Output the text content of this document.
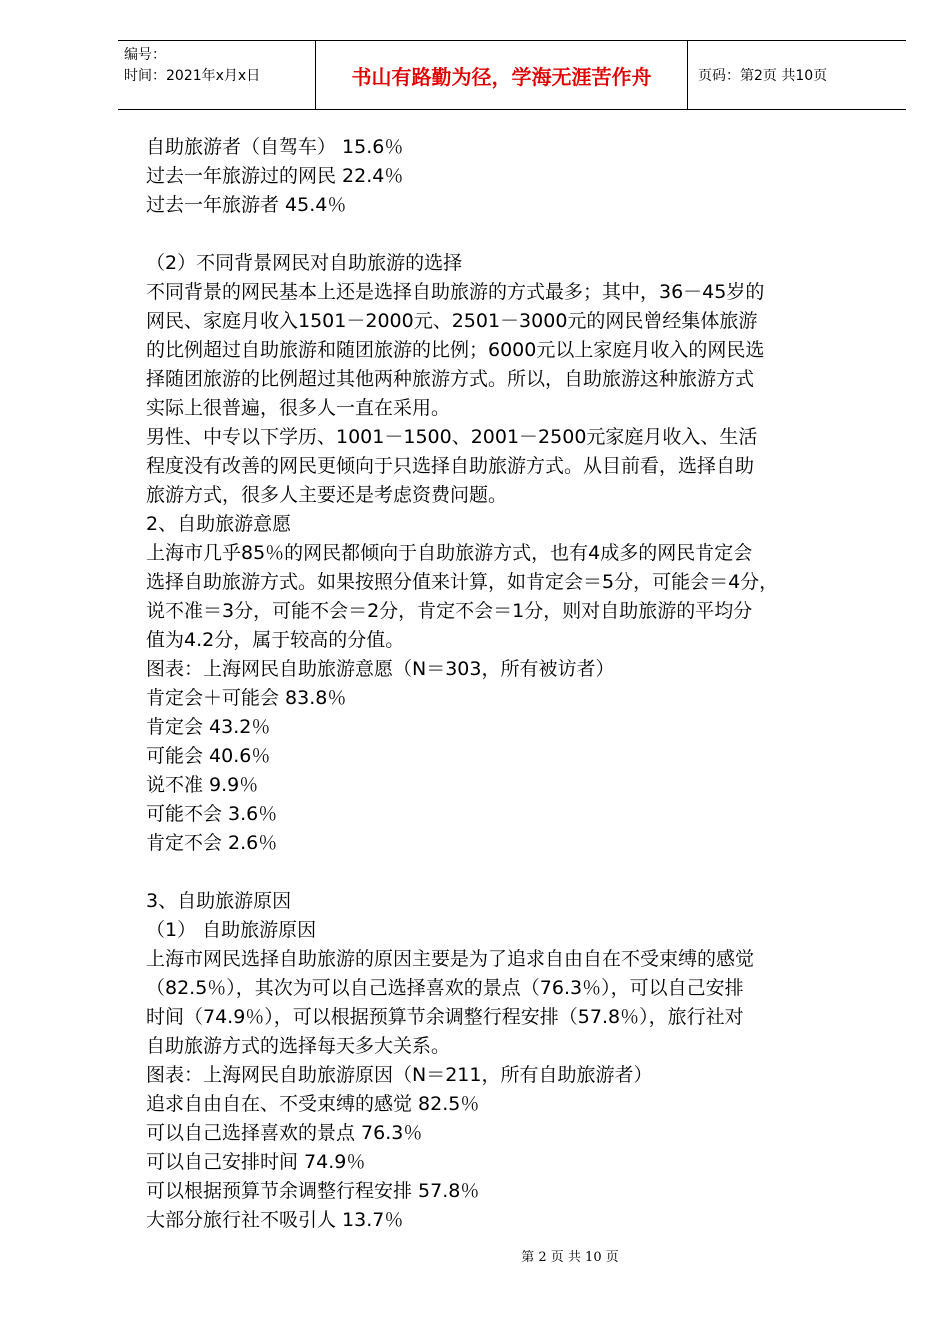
编号：
时间：2021年x月x日	书山有路勤为径，学海无涯苦作舟	页码：第2页 共10页
自助旅游者（自驾车） 15.6％
过去一年旅游过的网民 22.4％
过去一年旅游者 45.4％
（2）不同背景网民对自助旅游的选择
不同背景的网民基本上还是选择自助旅游的方式最多；其中，36－45岁的
网民、家庭月收入1501－2000元、2501－3000元的网民曾经集体旅游
的比例超过自助旅游和随团旅游的比例；6000元以上家庭月收入的网民选
择随团旅游的比例超过其他两种旅游方式。所以，自助旅游这种旅游方式
实际上很普遍，很多人一直在采用。
男性、中专以下学历、1001－1500、2001－2500元家庭月收入、生活
程度没有改善的网民更倾向于只选择自助旅游方式。从目前看，选择自助
旅游方式，很多人主要还是考虑资费问题。
2、自助旅游意愿
上海市几乎85％的网民都倾向于自助旅游方式，也有4成多的网民肯定会
选择自助旅游方式。如果按照分值来计算，如肯定会＝5分，可能会＝4分，
说不准＝3分，可能不会＝2分，肯定不会＝1分，则对自助旅游的平均分
值为4.2分，属于较高的分值。
图表：上海网民自助旅游意愿（N＝303，所有被访者）
肯定会＋可能会 83.8％
肯定会 43.2％
可能会 40.6％
说不准 9.9％
可能不会 3.6％
肯定不会 2.6％
3、自助旅游原因
（1） 自助旅游原因
上海市网民选择自助旅游的原因主要是为了追求自由自在不受束缚的感觉
（82.5％），其次为可以自己选择喜欢的景点（76.3％），可以自己安排
时间（74.9％），可以根据预算节余调整行程安排（57.8％），旅行社对
自助旅游方式的选择每天多大关系。
图表：上海网民自助旅游原因（N＝211，所有自助旅游者）
追求自由自在、不受束缚的感觉 82.5％
可以自己选择喜欢的景点 76.3％
可以自己安排时间 74.9％
可以根据预算节余调整行程安排 57.8％
大部分旅行社不吸引人 13.7％
第 2 页 共 10 页
